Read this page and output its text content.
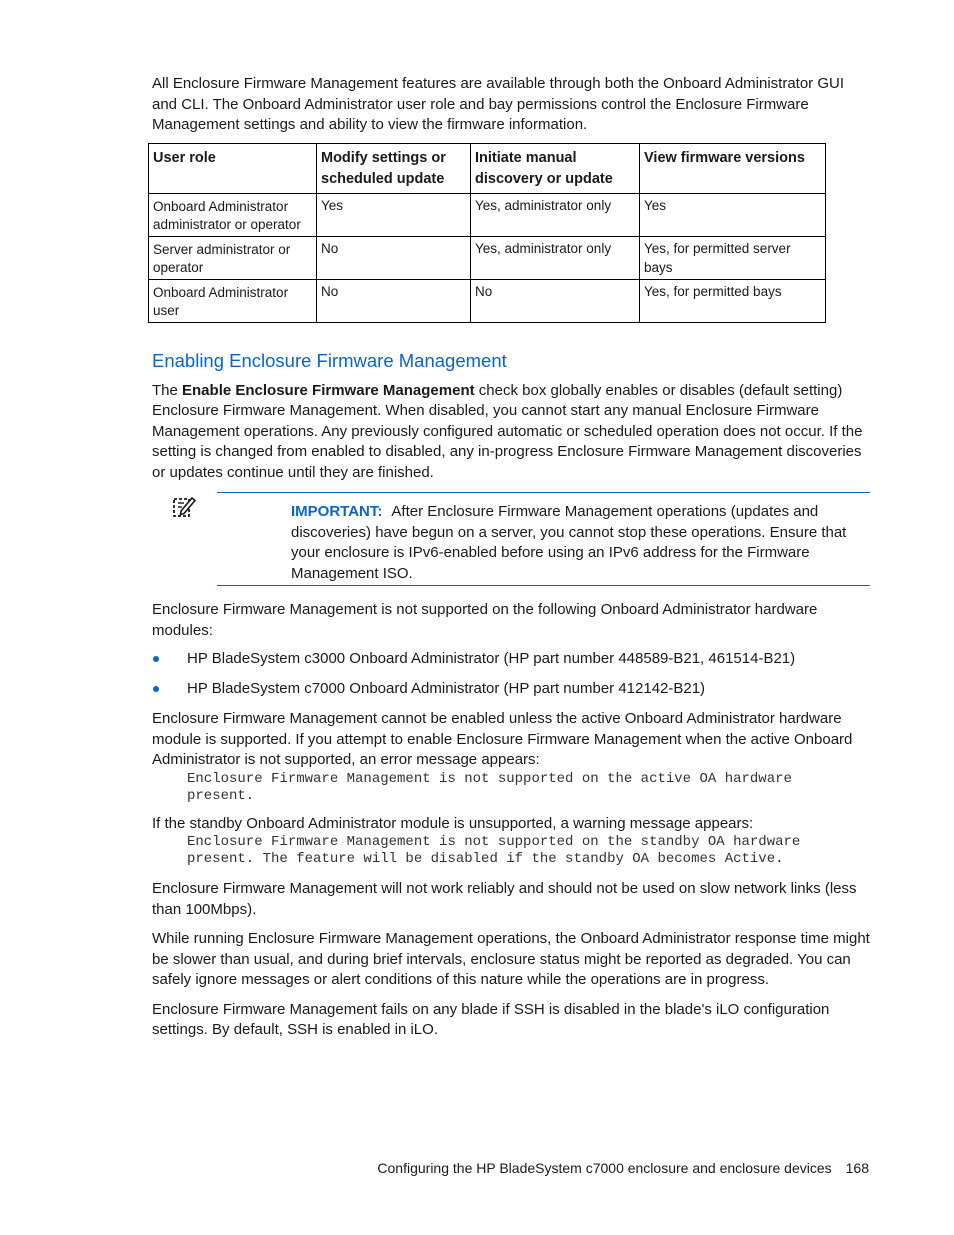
All Enclosure Firmware Management features are available through both the Onboard Administrator GUI and CLI. The Onboard Administrator user role and bay permissions control the Enclosure Firmware Management settings and ability to view the firmware information.

User role	Modify settings or scheduled update	Initiate manual discovery or update	View firmware versions
Onboard Administrator administrator or operator	Yes	Yes, administrator only	Yes
Server administrator or operator	No	Yes, administrator only	Yes, for permitted server bays
Onboard Administrator user	No	No	Yes, for permitted bays
Enabling Enclosure Firmware Management

The Enable Enclosure Firmware Management check box globally enables or disables (default setting) Enclosure Firmware Management. When disabled, you cannot start any manual Enclosure Firmware Management operations. Any previously configured automatic or scheduled operation does not occur. If the setting is changed from enabled to disabled, any in-progress Enclosure Firmware Management discoveries or updates continue until they are finished.

IMPORTANT: After Enclosure Firmware Management operations (updates and discoveries) have begun on a server, you cannot stop these operations. Ensure that your enclosure is IPv6-enabled before using an IPv6 address for the Firmware Management ISO.

Enclosure Firmware Management is not supported on the following Onboard Administrator hardware modules:

HP BladeSystem c3000 Onboard Administrator (HP part number 448589-B21, 461514-B21)
HP BladeSystem c7000 Onboard Administrator (HP part number 412142-B21)

Enclosure Firmware Management cannot be enabled unless the active Onboard Administrator hardware module is supported. If you attempt to enable Enclosure Firmware Management when the active Onboard Administrator is not supported, an error message appears:

Enclosure Firmware Management is not supported on the active OA hardware
present.

If the standby Onboard Administrator module is unsupported, a warning message appears:

Enclosure Firmware Management is not supported on the standby OA hardware
present. The feature will be disabled if the standby OA becomes Active.

Enclosure Firmware Management will not work reliably and should not be used on slow network links (less than 100Mbps).

While running Enclosure Firmware Management operations, the Onboard Administrator response time might be slower than usual, and during brief intervals, enclosure status might be reported as degraded. You can safely ignore messages or alert conditions of this nature while the operations are in progress.

Enclosure Firmware Management fails on any blade if SSH is disabled in the blade's iLO configuration settings. By default, SSH is enabled in iLO.

Configuring the HP BladeSystem c7000 enclosure and enclosure devices 168
